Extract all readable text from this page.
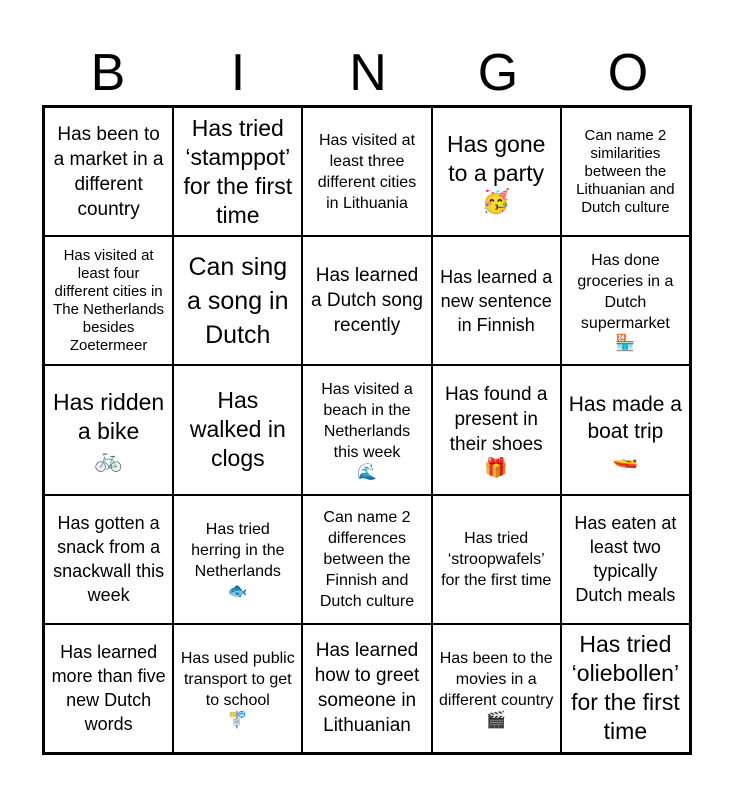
B	I	N	G	O
Has been to a market in a different country
Has tried ‘stamppot’ for the first time
Has visited at least three different cities in Lithuania
Has gone to a party
🥳
Can name 2 similarities between the Lithuanian and Dutch culture
Has visited at least four different cities in The Netherlands besides Zoetermeer
Can sing a song in Dutch
Has learned a Dutch song recently
Has learned a new sentence in Finnish
Has done groceries in a Dutch supermarket
🏪
Has ridden a bike
🚲
Has walked in clogs
Has visited a beach in the Netherlands this week
🌊
Has found a present in their shoes
🎁
Has made a boat trip
🚤
Has gotten a snack from a snackwall this week
Has tried herring in the Netherlands
🐟
Can name 2 differences between the Finnish and Dutch culture
Has tried ‘stroopwafels’ for the first time
Has eaten at least two typically Dutch meals
Has learned more than five new Dutch words
Has used public transport to get to school
🚏
Has learned how to greet someone in Lithuanian
Has been to the movies in a different country
🎬
Has tried ‘oliebollen’ for the first time
